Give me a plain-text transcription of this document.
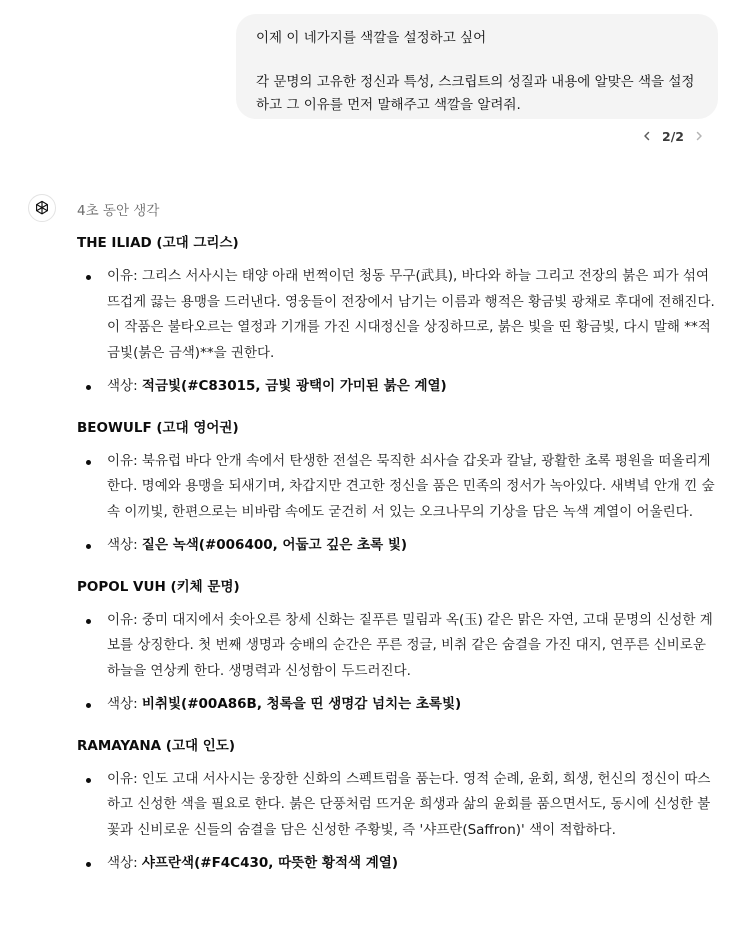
이제 이 네가지를 색깔을 설정하고 싶어
각 문명의 고유한 정신과 특성, 스크립트의 성질과 내용에 알맞은 색을 설정하고 그 이유를 먼저 말해주고 색깔을 알려줘.
2/2
4초 동안 생각
THE ILIAD (고대 그리스)
이유: 그리스 서사시는 태양 아래 번쩍이던 청동 무구(武具), 바다와 하늘 그리고 전장의 붉은 피가 섞여 뜨겁게 끓는 용맹을 드러낸다. 영웅들이 전장에서 남기는 이름과 행적은 황금빛 광채로 후대에 전해진다. 이 작품은 불타오르는 열정과 기개를 가진 시대정신을 상징하므로, 붉은 빛을 띤 황금빛, 다시 말해 **적금빛(붉은 금색)**을 권한다.
색상: 적금빛(#C83015, 금빛 광택이 가미된 붉은 계열)
BEOWULF (고대 영어권)
이유: 북유럽 바다 안개 속에서 탄생한 전설은 묵직한 쇠사슬 갑옷과 칼날, 광활한 초록 평원을 떠올리게 한다. 명예와 용맹을 되새기며, 차갑지만 견고한 정신을 품은 민족의 정서가 녹아있다. 새벽녘 안개 낀 숲 속 이끼빛, 한편으로는 비바람 속에도 굳건히 서 있는 오크나무의 기상을 담은 녹색 계열이 어울린다.
색상: 짙은 녹색(#006400, 어둡고 깊은 초록 빛)
POPOL VUH (키체 문명)
이유: 중미 대지에서 솟아오른 창세 신화는 짙푸른 밀림과 옥(玉) 같은 맑은 자연, 고대 문명의 신성한 계보를 상징한다. 첫 번째 생명과 숭배의 순간은 푸른 정글, 비취 같은 숨결을 가진 대지, 연푸른 신비로운 하늘을 연상케 한다. 생명력과 신성함이 두드러진다.
색상: 비취빛(#00A86B, 청록을 띤 생명감 넘치는 초록빛)
RAMAYANA (고대 인도)
이유: 인도 고대 서사시는 웅장한 신화의 스펙트럼을 품는다. 영적 순례, 윤회, 희생, 헌신의 정신이 따스하고 신성한 색을 필요로 한다. 붉은 단풍처럼 뜨거운 희생과 삶의 윤회를 품으면서도, 동시에 신성한 불꽃과 신비로운 신들의 숨결을 담은 신성한 주황빛, 즉 '샤프란(Saffron)' 색이 적합하다.
색상: 샤프란색(#F4C430, 따뜻한 황적색 계열)
